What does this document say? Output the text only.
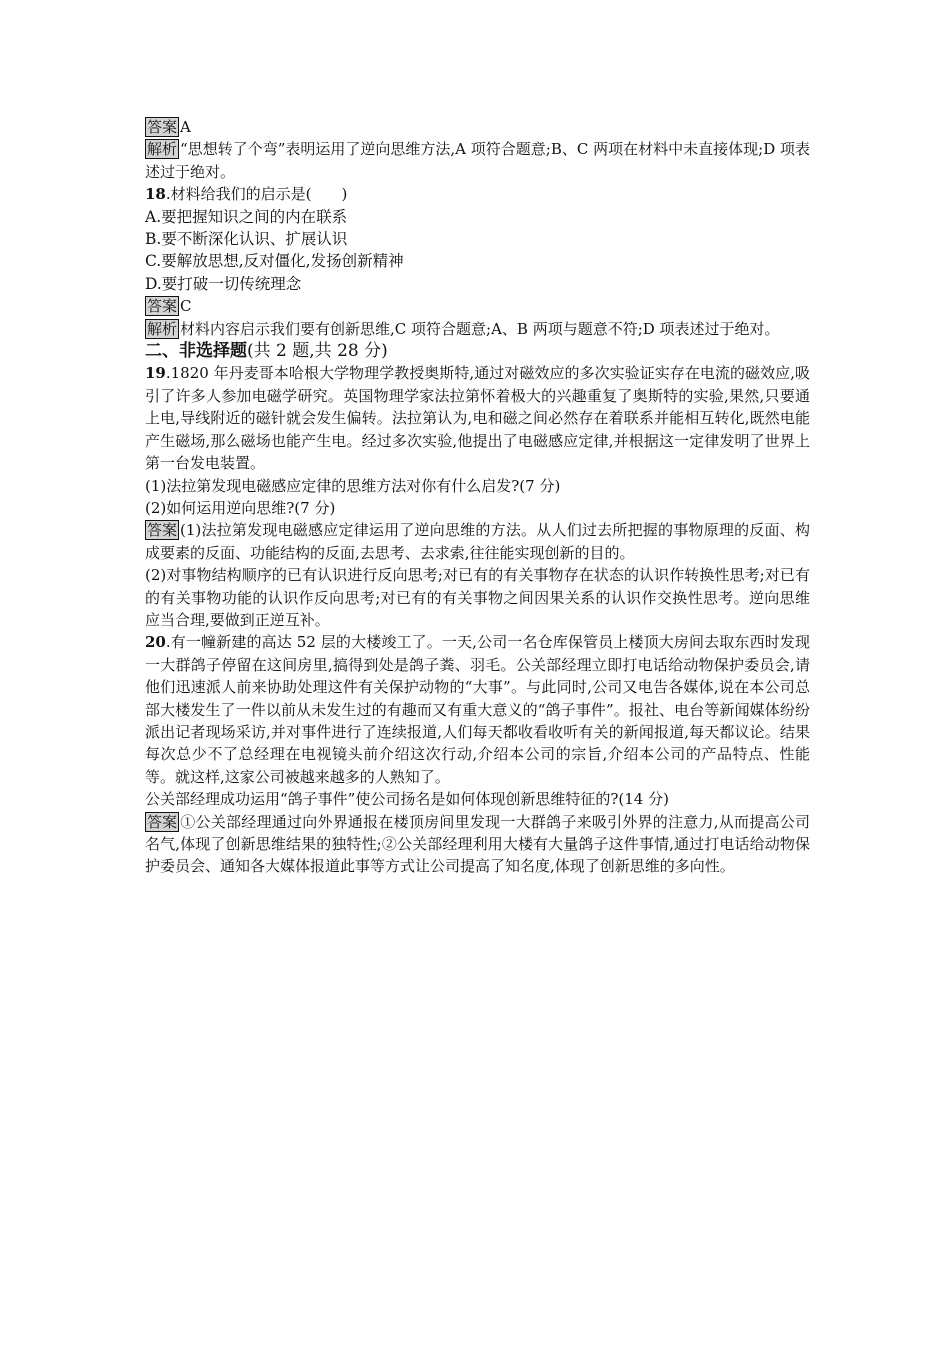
答案 A

解析 “思想转了个弯”表明运用了逆向思维方法,A 项符合题意;B、C 两项在材料中未直接体现;D 项表述过于绝对。

18.材料给我们的启示是(　　)

A.要把握知识之间的内在联系

B.要不断深化认识、扩展认识

C.要解放思想,反对僵化,发扬创新精神

D.要打破一切传统理念

答案 C

解析 材料内容启示我们要有创新思维,C 项符合题意;A、B 两项与题意不符;D 项表述过于绝对。

二、非选择题(共 2 题,共 28 分)

19.1820 年丹麦哥本哈根大学物理学教授奥斯特,通过对磁效应的多次实验证实存在电流的磁效应,吸引了许多人参加电磁学研究。英国物理学家法拉第怀着极大的兴趣重复了奥斯特的实验,果然,只要通上电,导线附近的磁针就会发生偏转。法拉第认为,电和磁之间必然存在着联系并能相互转化,既然电能产生磁场,那么磁场也能产生电。经过多次实验,他提出了电磁感应定律,并根据这一定律发明了世界上第一台发电装置。

(1)法拉第发现电磁感应定律的思维方法对你有什么启发?(7 分)

(2)如何运用逆向思维?(7 分)

答案 (1)法拉第发现电磁感应定律运用了逆向思维的方法。从人们过去所把握的事物原理的反面、构成要素的反面、功能结构的反面,去思考、去求索,往往能实现创新的目的。

(2)对事物结构顺序的已有认识进行反向思考;对已有的有关事物存在状态的认识作转换性思考;对已有的有关事物功能的认识作反向思考;对已有的有关事物之间因果关系的认识作交换性思考。逆向思维应当合理,要做到正逆互补。

20.有一幢新建的高达 52 层的大楼竣工了。一天,公司一名仓库保管员上楼顶大房间去取东西时发现一大群鸽子停留在这间房里,搞得到处是鸽子粪、羽毛。公关部经理立即打电话给动物保护委员会,请他们迅速派人前来协助处理这件有关保护动物的“大事”。与此同时,公司又电告各媒体,说在本公司总部大楼发生了一件以前从未发生过的有趣而又有重大意义的“鸽子事件”。报社、电台等新闻媒体纷纷派出记者现场采访,并对事件进行了连续报道,人们每天都收看收听有关的新闻报道,每天都议论。结果每次总少不了总经理在电视镜头前介绍这次行动,介绍本公司的宗旨,介绍本公司的产品特点、性能等。就这样,这家公司被越来越多的人熟知了。

公关部经理成功运用“鸽子事件”使公司扬名是如何体现创新思维特征的?(14 分)

答案 ①公关部经理通过向外界通报在楼顶房间里发现一大群鸽子来吸引外界的注意力,从而提高公司名气,体现了创新思维结果的独特性;②公关部经理利用大楼有大量鸽子这件事情,通过打电话给动物保护委员会、通知各大媒体报道此事等方式让公司提高了知名度,体现了创新思维的多向性。
